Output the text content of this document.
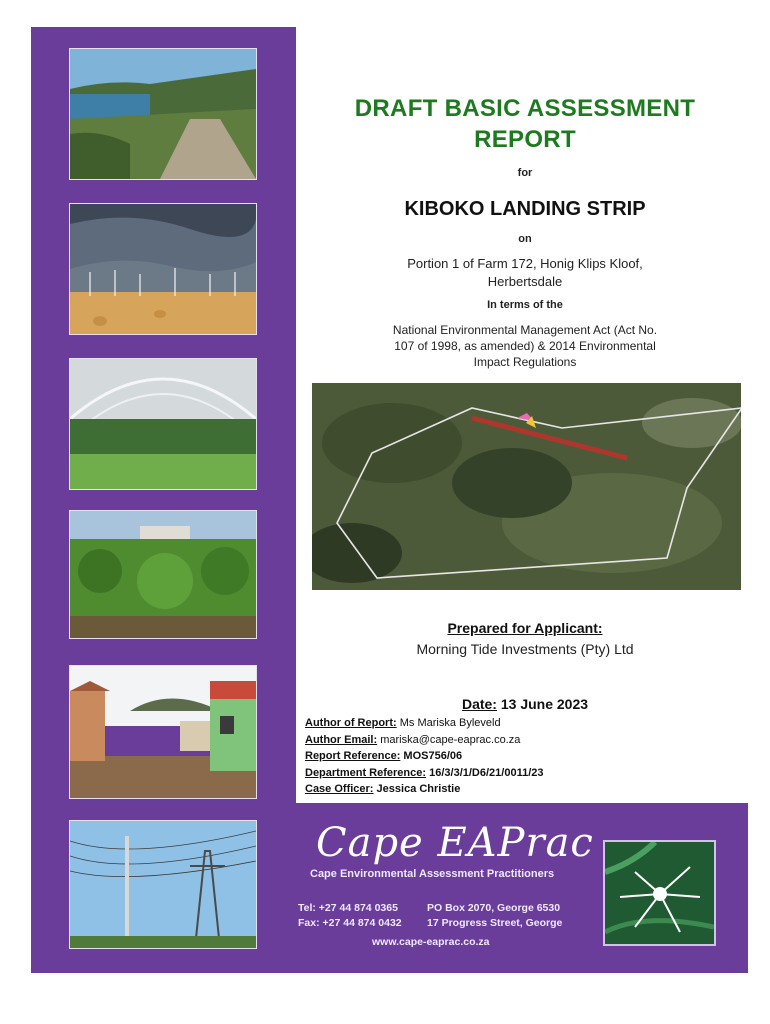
DRAFT BASIC ASSESSMENT
REPORT
for
KIBOKO LANDING STRIP
on
Portion 1 of Farm 172, Honig Klips Kloof,
Herbertsdale
In terms of the
National Environmental Management Act (Act No.
107 of 1998, as amended) & 2014 Environmental
Impact Regulations
Prepared for Applicant:
Morning Tide Investments (Pty) Ltd
Date: 13 June 2023
Author of Report: Ms Mariska Byleveld
Author Email: mariska@cape-eaprac.co.za
Report Reference: MOS756/06
Department Reference: 16/3/3/1/D6/21/0011/23
Case Officer: Jessica Christie
Cape EAPrac
Cape Environmental Assessment Practitioners
Tel: +27 44 874 0365
Fax: +27 44 874 0432
PO Box 2070, George 6530
17 Progress Street, George
www.cape-eaprac.co.za
